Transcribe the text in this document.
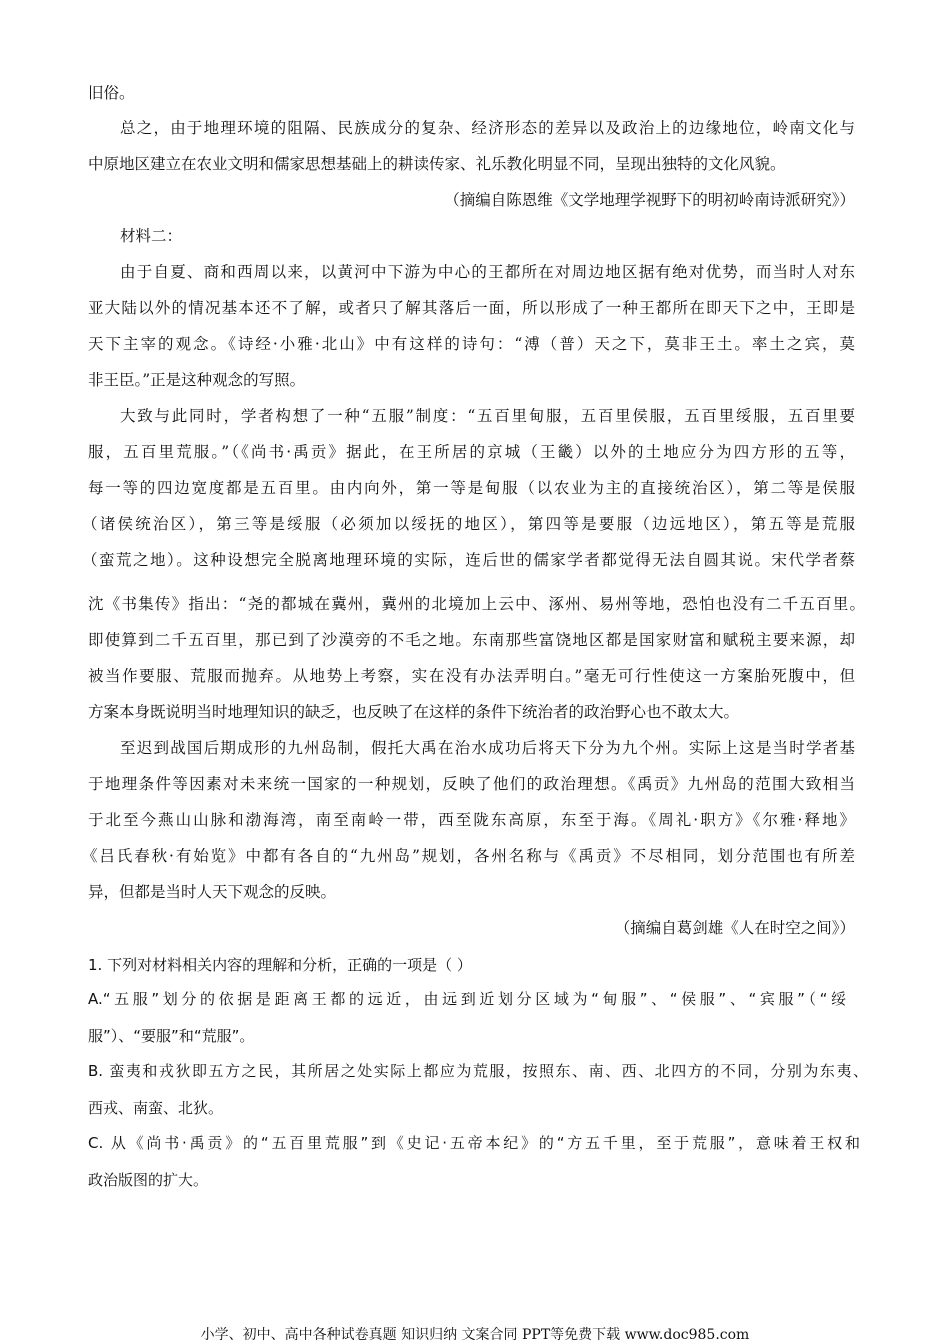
旧俗。
总之，由于地理环境的阻隔、民族成分的复杂、经济形态的差异以及政治上的边缘地位，岭南文化与
中原地区建立在农业文明和儒家思想基础上的耕读传家、礼乐教化明显不同，呈现出独特的文化风貌。
（摘编自陈恩维《文学地理学视野下的明初岭南诗派研究》）
材料二：
由于自夏、商和西周以来，以黄河中下游为中心的王都所在对周边地区据有绝对优势，而当时人对东
亚大陆以外的情况基本还不了解，或者只了解其落后一面，所以形成了一种王都所在即天下之中，王即是
天下主宰的观念。《诗经·小雅·北山》中有这样的诗句：“溥（普）天之下，莫非王土。率土之宾，莫
非王臣。”正是这种观念的写照。
大致与此同时，学者构想了一种“五服”制度：“五百里甸服，五百里侯服，五百里绥服，五百里要
服，五百里荒服。”（《尚书·禹贡》据此，在王所居的京城（王畿）以外的土地应分为四方形的五等，
每一等的四边宽度都是五百里。由内向外，第一等是甸服（以农业为主的直接统治区），第二等是侯服
（诸侯统治区），第三等是绥服（必须加以绥抚的地区），第四等是要服（边远地区），第五等是荒服
（蛮荒之地）。这种设想完全脱离地理环境的实际，连后世的儒家学者都觉得无法自圆其说。宋代学者蔡
沈《书集传》指出：“尧的都城在冀州，冀州的北境加上云中、涿州、易州等地，恐怕也没有二千五百里。
即使算到二千五百里，那已到了沙漠旁的不毛之地。东南那些富饶地区都是国家财富和赋税主要来源，却
被当作要服、荒服而抛弃。从地势上考察，实在没有办法弄明白。”毫无可行性使这一方案胎死腹中，但
方案本身既说明当时地理知识的缺乏，也反映了在这样的条件下统治者的政治野心也不敢太大。
至迟到战国后期成形的九州岛制，假托大禹在治水成功后将天下分为九个州。实际上这是当时学者基
于地理条件等因素对未来统一国家的一种规划，反映了他们的政治理想。《禹贡》九州岛的范围大致相当
于北至今燕山山脉和渤海湾，南至南岭一带，西至陇东高原，东至于海。《周礼·职方》《尔雅·释地》
《吕氏春秋·有始览》中都有各自的“九州岛”规划，各州名称与《禹贡》不尽相同，划分范围也有所差
异，但都是当时人天下观念的反映。
（摘编自葛剑雄《人在时空之间》）
1. 下列对材料相关内容的理解和分析，正确的一项是（ ）
A.“五服”划分的依据是距离王都的远近，由远到近划分区域为“甸服”、“侯服”、“宾服”（“绥
服”）、“要服”和“荒服”。
B. 蛮夷和戎狄即五方之民，其所居之处实际上都应为荒服，按照东、南、西、北四方的不同，分别为东夷、
西戎、南蛮、北狄。
C. 从《尚书·禹贡》的“五百里荒服”到《史记·五帝本纪》的“方五千里，至于荒服”，意味着王权和
政治版图的扩大。
小学、初中、高中各种试卷真题 知识归纳 文案合同 PPT等免费下载 www.doc985.com
